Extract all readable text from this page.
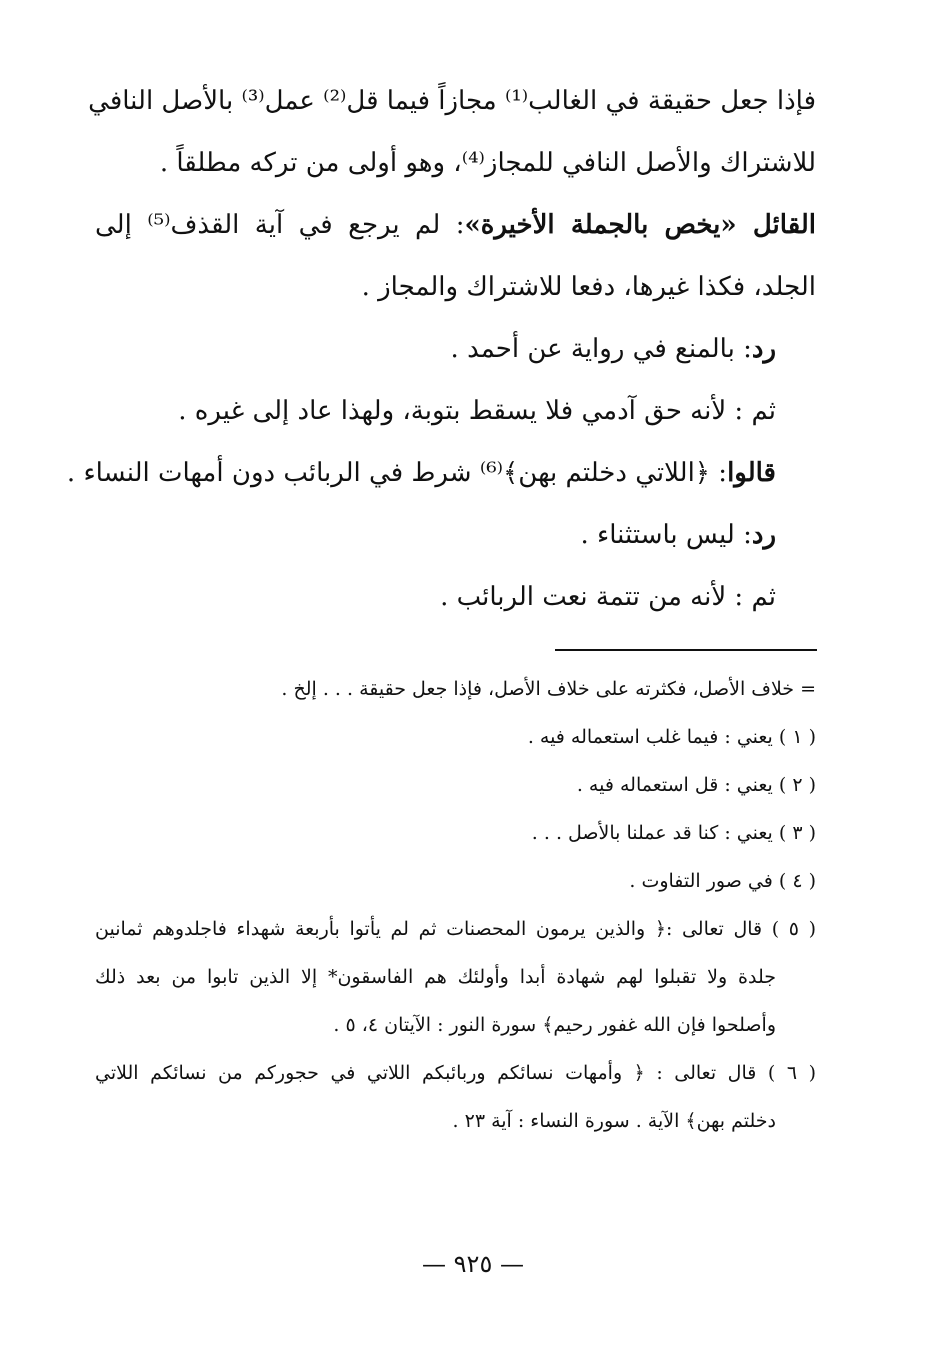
فإذا جعل حقيقة في الغالب⁽¹⁾ مجازاً فيما قل⁽²⁾ عمل⁽³⁾ بالأصل النافي
للاشتراك والأصل النافي للمجاز⁽⁴⁾، وهو أولى من تركه مطلقاً .
القائل «يخص بالجملة الأخيرة»: لم يرجع في آية القذف⁽⁵⁾ إلى
الجلد، فكذا غيرها، دفعا للاشتراك والمجاز .
رد: بالمنع في رواية عن أحمد .
ثم : لأنه حق آدمي فلا يسقط بتوبة، ولهذا عاد إلى غيره .
قالوا: ﴿اللاتي دخلتم بهن﴾⁽⁶⁾ شرط في الربائب دون أمهات النساء .
رد: ليس باستثناء .
ثم : لأنه من تتمة نعت الربائب .
= خلاف الأصل، فكثرته على خلاف الأصل، فإذا جعل حقيقة . . . إلخ .
( ١ ) يعني : فيما غلب استعماله فيه .
( ٢ ) يعني : قل استعماله فيه .
( ٣ ) يعني : كنا قد عملنا بالأصل . . .
( ٤ ) في صور التفاوت .
( ٥ ) قال تعالى :﴿ والذين يرمون المحصنات ثم لم يأتوا بأربعة شهداء فاجلدوهم ثمانين
جلدة ولا تقبلوا لهم شهادة أبدا وأولئك هم الفاسقون* إلا الذين تابوا من بعد ذلك
وأصلحوا فإن الله غفور رحيم﴾ سورة النور : الآيتان ٤، ٥ .
( ٦ ) قال تعالى : ﴿ وأمهات نسائكم وربائبكم اللاتي في حجوركم من نسائكم اللاتي
دخلتم بهن﴾ الآية . سورة النساء : آية ٢٣ .
— ٩٢٥ —
